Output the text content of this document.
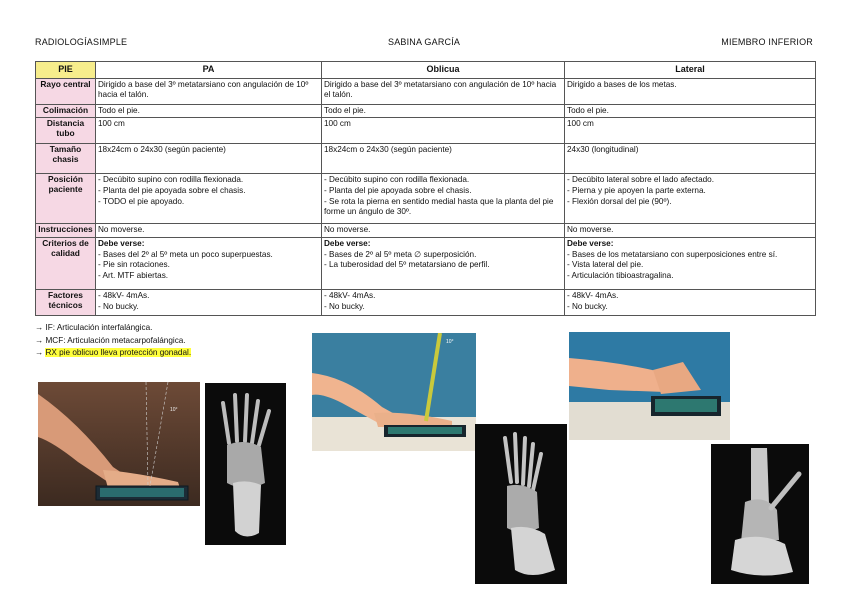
RADIOLOGÍASIMPLE	SABINA GARCÍA	MIEMBRO INFERIOR
PIE	PA	Oblicua	Lateral
Rayo central	Dirigido a base del 3º metatarsiano con angulación de 10º hacia el talón.	Dirigido a base del 3º metatarsiano con angulación de 10º hacia el talón.	Dirigido a bases de los metas.
Colimación	Todo el pie.	Todo el pie.	Todo el pie.
Distancia tubo	100 cm	100 cm	100 cm
Tamaño chasis	18x24cm o 24x30 (según paciente)	18x24cm o 24x30 (según paciente)	24x30 (longitudinal)
Posición paciente	- Decúbito supino con rodilla flexionada.
- Planta del pie apoyada sobre el chasis.
- TODO el pie apoyado.	- Decúbito supino con rodilla flexionada.
- Planta del pie apoyada sobre el chasis.
- Se rota la pierna en sentido medial hasta que la planta del pie forme un ángulo de 30º.	- Decúbito lateral sobre el lado afectado.
- Pierna y pie apoyen la parte externa.
- Flexión dorsal del pie (90º).

Instrucciones	No moverse.	No moverse.	No moverse.
Criterios de calidad	Debe verse:
- Bases del 2º al 5º meta un poco superpuestas.
- Pie sin rotaciones.
- Art. MTF abiertas.	Debe verse:
- Bases de 2º al 5º meta ∅ superposición.
- La tuberosidad del 5º metatarsiano de perfil.	Debe verse:
- Bases de los metatarsiano con superposiciones entre sí.
- Vista lateral del pie.
- Articulación tibioastragalina.

Factores técnicos	- 48kV- 4mAs.
- No bucky.	- 48kV- 4mAs.
- No bucky.	- 48kV- 4mAs.
- No bucky.
→ IF: Articulación interfalángica.
→ MCF: Articulación metacarpofalángica.
→ RX pie oblicuo lleva protección gonadal.
10°
10°
